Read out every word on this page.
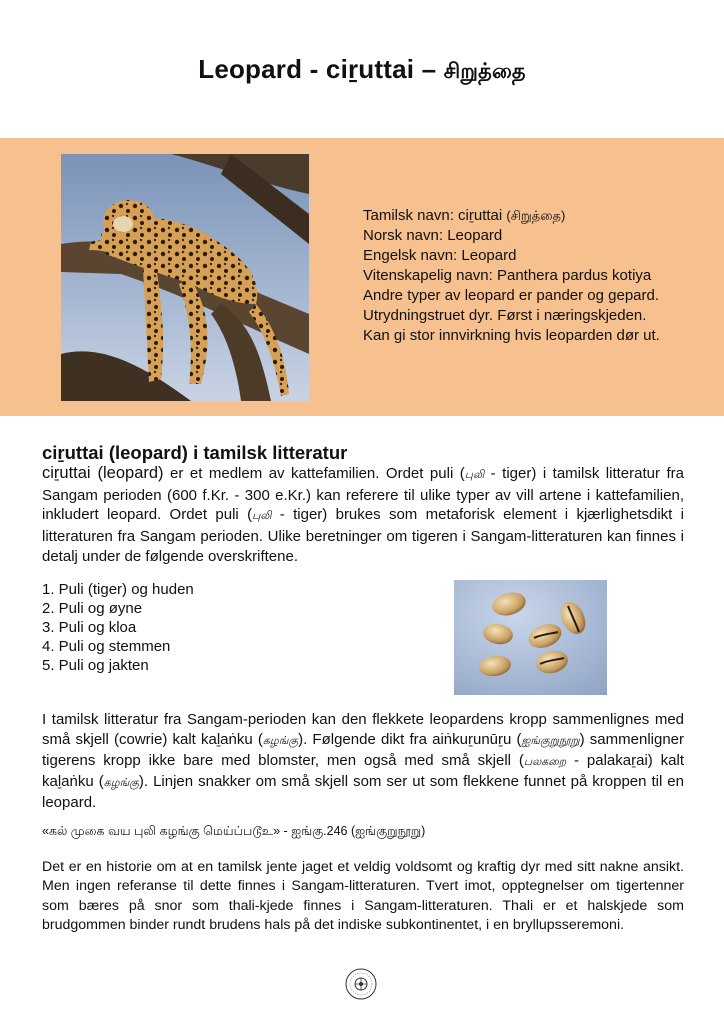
Leopard - ciṟuttai – சிறுத்தை
Tamilsk navn: ciṟuttai (சிறுத்தை)
Norsk navn: Leopard
Engelsk navn: Leopard
Vitenskapelig navn: Panthera pardus kotiya
Andre typer av leopard er pander og gepard.
Utrydningstruet dyr. Først i næringskjeden.
Kan gi stor innvirkning hvis leoparden dør ut.
ciṟuttai (leopard) i tamilsk litteratur
ciṟuttai (leopard) er et medlem av kattefamilien. Ordet puli (புலி - tiger) i tamilsk litteratur fra Sangam perioden (600 f.Kr. - 300 e.Kr.) kan referere til ulike typer av vill artene i kattefamilien, inkludert leopard. Ordet puli (புலி - tiger) brukes som metaforisk element i kjærlighetsdikt i litteraturen fra Sangam perioden. Ulike beretninger om tigeren i Sangam-litteraturen kan finnes i detalj under de følgende overskriftene.
1. Puli (tiger) og huden
2. Puli og øyne
3. Puli og kloa
4. Puli og stemmen
5. Puli og jakten
I tamilsk litteratur fra Sangam-perioden kan den flekkete leopardens kropp sammenlignes med små skjell (cowrie) kalt kaḻaṅku (கழங்கு). Følgende dikt fra aiṅkuṟunūṟu (ஐங்குறுநூறு) sammenligner tigerens kropp ikke bare med blomster, men også med små skjell (பலகறை - palakaṟai) kalt kaḻaṅku (கழங்கு). Linjen snakker om små skjell som ser ut som flekkene funnet på kroppen til en leopard.
«கல் முகை வய புலி கழங்கு மெய்ப்படூஉ» - ஐங்கு.246 (ஐங்குறுநூறு)
Det er en historie om at en tamilsk jente jaget et veldig voldsomt og kraftig dyr med sitt nakne ansikt. Men ingen referanse til dette finnes i Sangam-litteraturen. Tvert imot, opptegnelser om tigertenner som bæres på snor som thali-kjede finnes i Sangam-litteraturen. Thali er et halskjede som brudgommen binder rundt brudens hals på det indiske subkontinentet, i en bryllupsseremoni.
